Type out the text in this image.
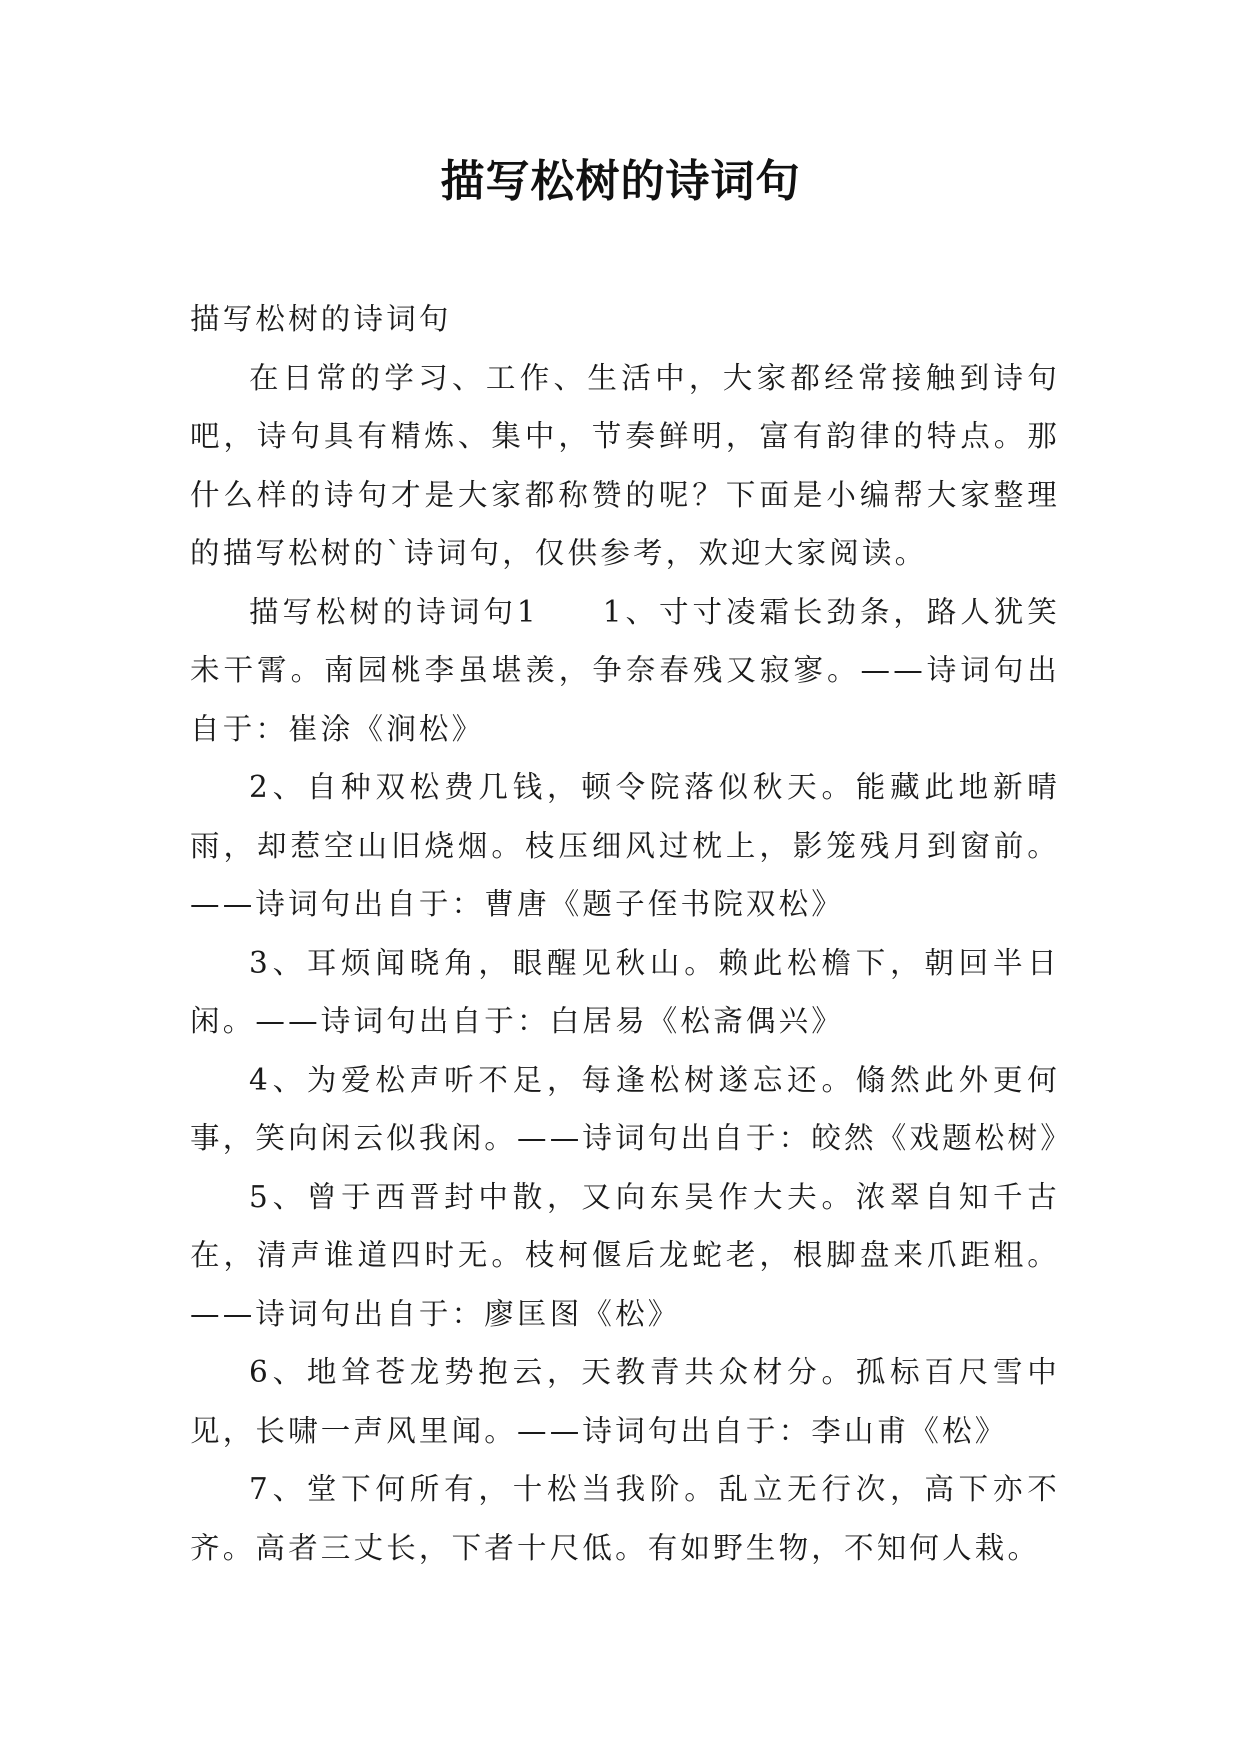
描写松树的诗词句

描写松树的诗词句

在日常的学习、工作、生活中，大家都经常接触到诗句吧，诗句具有精炼、集中，节奏鲜明，富有韵律的特点。那什么样的诗句才是大家都称赞的呢？下面是小编帮大家整理的描写松树的`诗词句，仅供参考，欢迎大家阅读。

描写松树的诗词句1 1、寸寸凌霜长劲条，路人犹笑未干霄。南园桃李虽堪羡，争奈春残又寂寥。——诗词句出自于：崔涂《涧松》

2、自种双松费几钱，顿令院落似秋天。能藏此地新晴雨，却惹空山旧烧烟。枝压细风过枕上，影笼残月到窗前。——诗词句出自于：曹唐《题子侄书院双松》

3、耳烦闻晓角，眼醒见秋山。赖此松檐下，朝回半日闲。——诗词句出自于：白居易《松斋偶兴》

4、为爱松声听不足，每逢松树遂忘还。翛然此外更何事，笑向闲云似我闲。——诗词句出自于：皎然《戏题松树》

5、曾于西晋封中散，又向东吴作大夫。浓翠自知千古在，清声谁道四时无。枝柯偃后龙蛇老，根脚盘来爪距粗。——诗词句出自于：廖匡图《松》

6、地耸苍龙势抱云，天教青共众材分。孤标百尺雪中见，长啸一声风里闻。——诗词句出自于：李山甫《松》

7、堂下何所有，十松当我阶。乱立无行次，高下亦不齐。高者三丈长，下者十尺低。有如野生物，不知何人栽。
